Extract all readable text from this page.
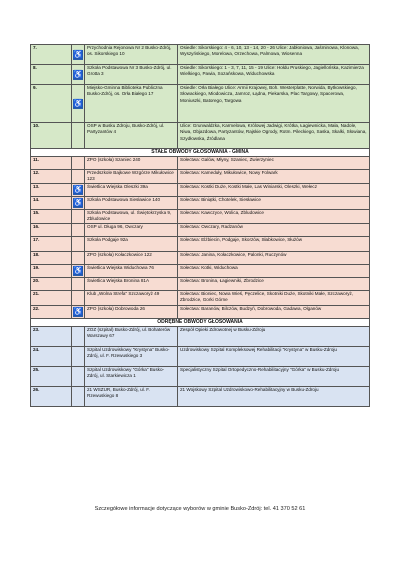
7.	♿	Przychodnia Rejonowa Nr 2 Busko-Zdrój, os. Sikorskiego 10	Osiedle: Sikorskiego: 4 - 6, 10, 13 - 14, 20 - 26 Ulice: Jabłoniowa, Jaśminowa, Klonowa, Wyszyńskiego, Morelowa, Orzechowa, Palmowa, Wiosenna
8.	♿	Szkoła Podstawowa Nr 3 Busko-Zdrój, ul. Grotta 3	Osiedle: Sikorskiego: 1 - 3, 7, 11, 15 - 19 Ulice: Hołdu Pruskiego, Jagiellońska, Kazimierza Wielkiego, Pawia, Sozańskowa, Widuchowska
9.	♿	Miejsko-Gminna Biblioteka Publiczna Busko-Zdrój, os. Orła Białego 17	Osiedle: Orła Białego Ulice: Armii Krajowej, Boh. Westerplatte, Norwida, Bytkowskiego, Słowackiego, Miodowicza, Jamroz, Łądna, Piekarska, Plac Targowy, Spacerowa, Moniuszki, Batorego, Targowa
10.		OSP w Busku Zdroju, Busko-Zdrój, ul. Partyzantów 4	Ulice: Grunwaldzka, Karmelowa, Królowej Jadwigi, Krótka, Łagiewnicka, Mała, Nadole, Niwa, Objazdowa, Partyzantów, Rajskie Ogrody, Rotm. Pileckiego, Saska, Skalki, Słowiana, Szydłowska, Źródlana
STAŁE OBWODY GŁOSOWANIA - GMINA			
11.		ZPO (szkoła) Szaniec 240	Sołectwa: Galów, Młyny, Szaniec, Zwierzyniec
12.		Przedszkole Bajkowe Wzgórze Mikułowice 123	Sołectwa: Kameduły, Mikułowice, Nowy Folwark
13.	♿	Świetlica Wiejska Oleszki 39a	Sołectwa: Kostki Duże, Kostki Małe, Las Winiarski, Oleszki, Wełecz
14.	♿	Szkoła Podstawowa Siesławice 140	Sołectwa: Biniątki, Chotelek, Siesławice
15.		Szkoła Podstawowa, ul. Świętokrzyska 9, Zbludowice	Sołectwa: Kawczyce, Wolica, Zbludowice
16.		OSP ul. Długa 96, Owczary	Sołectwa: Owczary, Radzanów
17.		Szkoła Podgaje 92a	Sołectwa: Elżbiecin, Podgaje, Skorzów, Słabkowice, Służów
18.		ZPO (szkoła) Kołaczkowice 122	Sołectwa: Janina, Kołaczkowice, Palonki, Ruczynów
19.	♿	Świetlica Wiejska Widuchowa 76	Sołectwa: Kotki, Widuchowa
20.		Świetlica Wiejska Bronina 81A	Sołectwa: Bronina, Łagiewniki, Zbrodzice
21.		Klub „Wolna Strefa" Szczaworyż 49	Sołectwa: Bioniec, Nowa Wieś, Pęczelice, Skotniki Duże, Skotniki Małe, Szczaworyż, Zbrodzice, Gorki Górne
22.	♿	ZPO (szkoła) Dobrowoda 26	Sołectwa: Baranów, Bilczów, Budzyń, Dobrowoda, Gadawa, Olganów
ODRĘBNE OBWODY GŁOSOWANIA			
23.		ZOZ (szpital) Busko-Zdrój, ul. Bohaterów Warszawy 67	Zespół Opieki Zdrowotnej w Busku-Zdroju
24.		Szpital Uzdrowiskowy "Krystyna" Busko-Zdrój, ul. F. Rzewuskiego 3	Uzdrowiskowy Szpital Kompleksowej Rehabilitacji "Krystyna" w Busku-Zdroju
25.		Szpital Uzdrowiskowy "Górka" Busko-Zdrój, ul. Starkiewicza 1	Specjalistyczny Szpital Ortopedyczno-Rehabilitacyjny "Górka" w Busku-Zdroju
26.		21 WSZUR, Busko-Zdrój, ul. F. Rzewuskiego 8	21 Wojskowy Szpital Uzdrowiskowo-Rehabilitacyjny w Busku-Zdroju
Szczegółowe informacje dotyczące wyborów w gminie Busko-Zdrój: tel. 41 370 52 61
